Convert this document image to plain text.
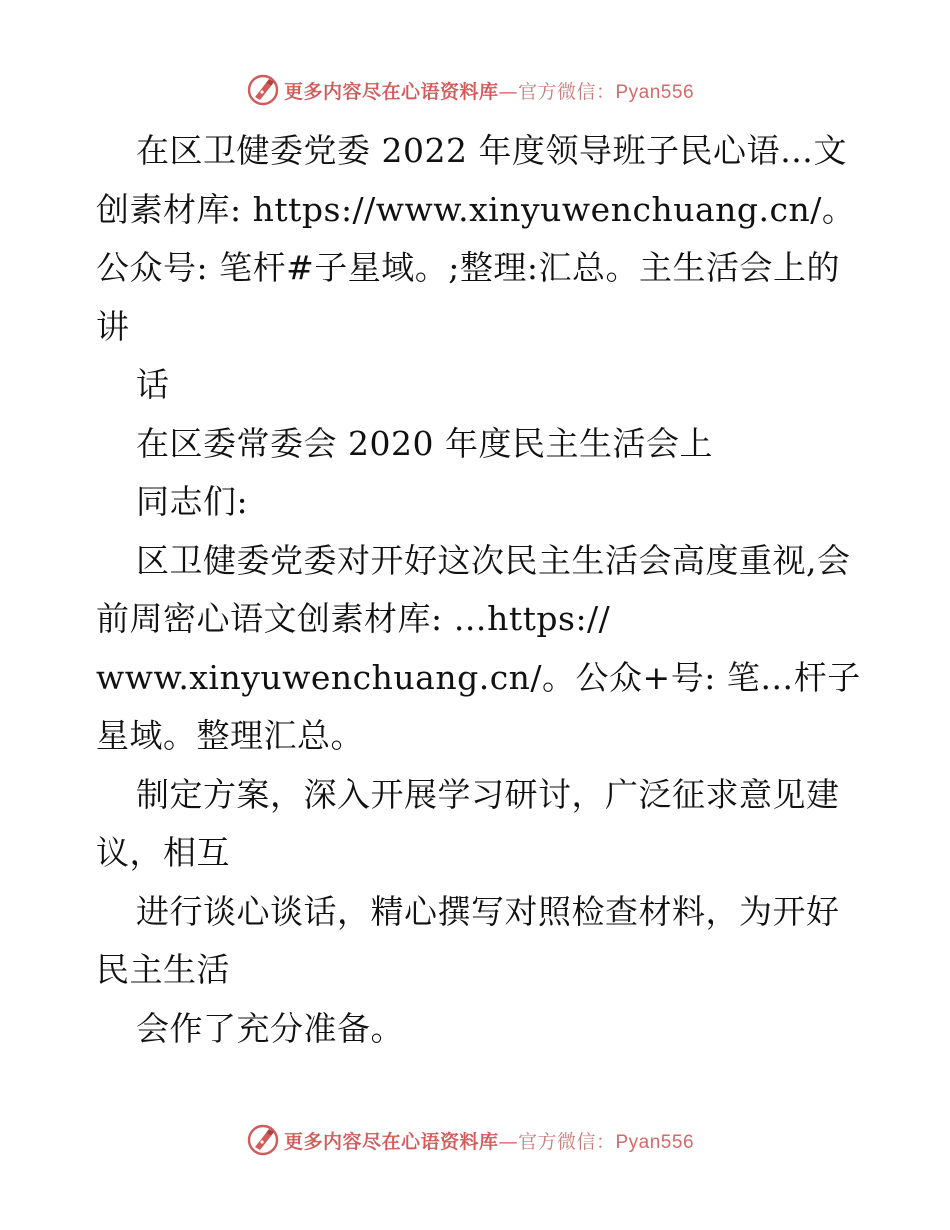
更多内容尽在心语资料库—官方微信：Pyan556

在区卫健委党委 2022 年度领导班子民心语…文创素材库: https://www.xinyuwenchuang.cn/。公众号: 笔杆#子星域。;整理:汇总。主生活会上的讲

话

在区委常委会 2020 年度民主生活会上

同志们:

区卫健委党委对开好这次民主生活会高度重视,会前周密心语文创素材库: …https://

www.xinyuwenchuang.cn/。公众+号: 笔…杆子星域。整理汇总。

制定方案，深入开展学习研讨，广泛征求意见建议，相互

进行谈心谈话，精心撰写对照检查材料，为开好民主生活

会作了充分准备。

更多内容尽在心语资料库—官方微信：Pyan556
